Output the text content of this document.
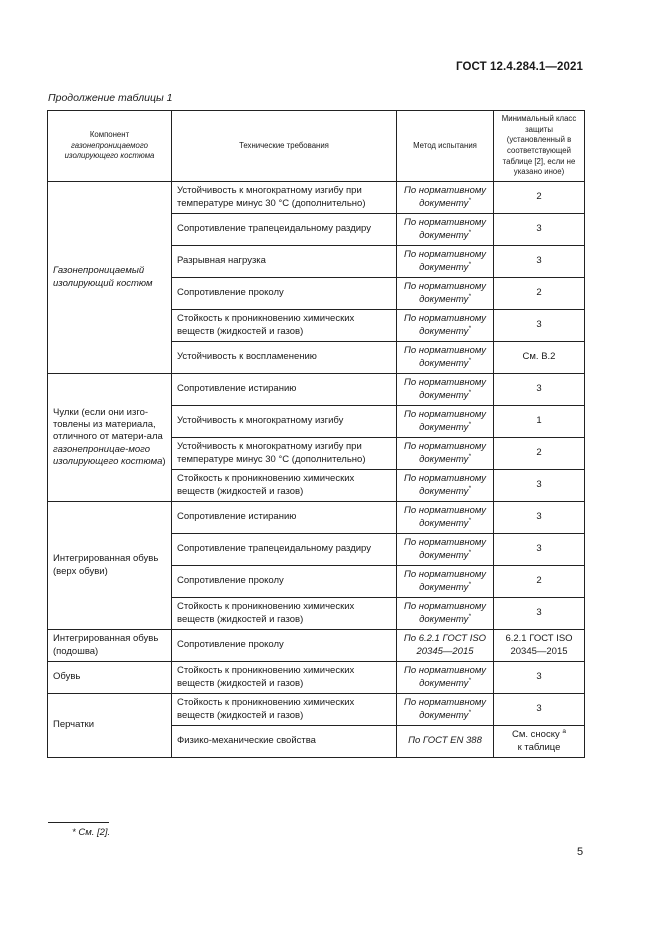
ГОСТ 12.4.284.1—2021
Продолжение таблицы 1
Компонент
газонепроницаемого изолирующего костюма	Технические требования	Метод испытания	Минимальный класс защиты (установленный в соответствующей таблице [2], если не указано иное)
Газонепроницаемый изолирующий костюм	Устойчивость к многократному изгибу при температуре минус 30 °С (дополнительно)	По нормативному документу*	2
	Сопротивление трапецеидальному раздиру	По нормативному документу*	3
	Разрывная нагрузка	По нормативному документу*	3
	Сопротивление проколу	По нормативному документу*	2
	Стойкость к проникновению химических веществ (жидкостей и газов)	По нормативному документу*	3
	Устойчивость к воспламенению	По нормативному документу*	См. В.2
Чулки (если они изго-товлены из материала, отличного от матери-ала газонепроницае-мого изолирующего костюма)	Сопротивление истиранию	По нормативному документу*	3
	Устойчивость к многократному изгибу	По нормативному документу*	1
	Устойчивость к многократному изгибу при температуре минус 30 °С (дополнительно)	По нормативному документу*	2
	Стойкость к проникновению химических веществ (жидкостей и газов)	По нормативному документу*	3
Интегрированная обувь (верх обуви)	Сопротивление истиранию	По нормативному документу*	3
	Сопротивление трапецеидальному раздиру	По нормативному документу*	3
	Сопротивление проколу	По нормативному документу*	2
	Стойкость к проникновению химических веществ (жидкостей и газов)	По нормативному документу*	3
Интегрированная обувь (подошва)	Сопротивление проколу	По 6.2.1 ГОСТ ISO 20345—2015	6.2.1 ГОСТ ISO 20345—2015
Обувь	Стойкость к проникновению химических веществ (жидкостей и газов)	По нормативному документу*	3
Перчатки	Стойкость к проникновению химических веществ (жидкостей и газов)	По нормативному документу*	3
	Физико-механические свойства	По ГОСТ EN 388	См. сноску $^а$
к таблице
* См. [2].
5
